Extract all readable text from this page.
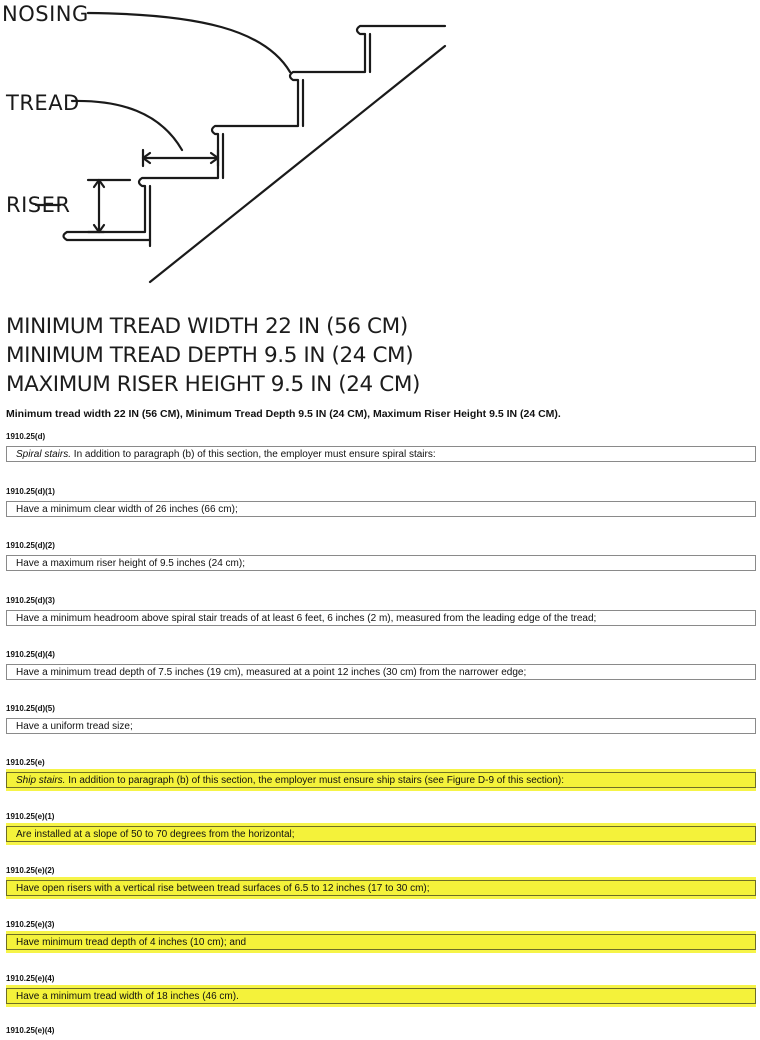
NOSING
TREAD
RISER
MINIMUM TREAD WIDTH 22 IN (56 CM)
MINIMUM TREAD DEPTH 9.5 IN (24 CM)
MAXIMUM RISER HEIGHT 9.5 IN (24 CM)
Minimum tread width 22 IN (56 CM), Minimum Tread Depth 9.5 IN (24 CM), Maximum Riser Height 9.5 IN (24 CM).
1910.25(d)
Spiral stairs. In addition to paragraph (b) of this section, the employer must ensure spiral stairs:
1910.25(d)(1)
Have a minimum clear width of 26 inches (66 cm);
1910.25(d)(2)
Have a maximum riser height of 9.5 inches (24 cm);
1910.25(d)(3)
Have a minimum headroom above spiral stair treads of at least 6 feet, 6 inches (2 m), measured from the leading edge of the tread;
1910.25(d)(4)
Have a minimum tread depth of 7.5 inches (19 cm), measured at a point 12 inches (30 cm) from the narrower edge;
1910.25(d)(5)
Have a uniform tread size;
1910.25(e)
Ship stairs. In addition to paragraph (b) of this section, the employer must ensure ship stairs (see Figure D-9 of this section):
1910.25(e)(1)
Are installed at a slope of 50 to 70 degrees from the horizontal;
1910.25(e)(2)
Have open risers with a vertical rise between tread surfaces of 6.5 to 12 inches (17 to 30 cm);
1910.25(e)(3)
Have minimum tread depth of 4 inches (10 cm); and
1910.25(e)(4)
Have a minimum tread width of 18 inches (46 cm).
1910.25(e)(4)
